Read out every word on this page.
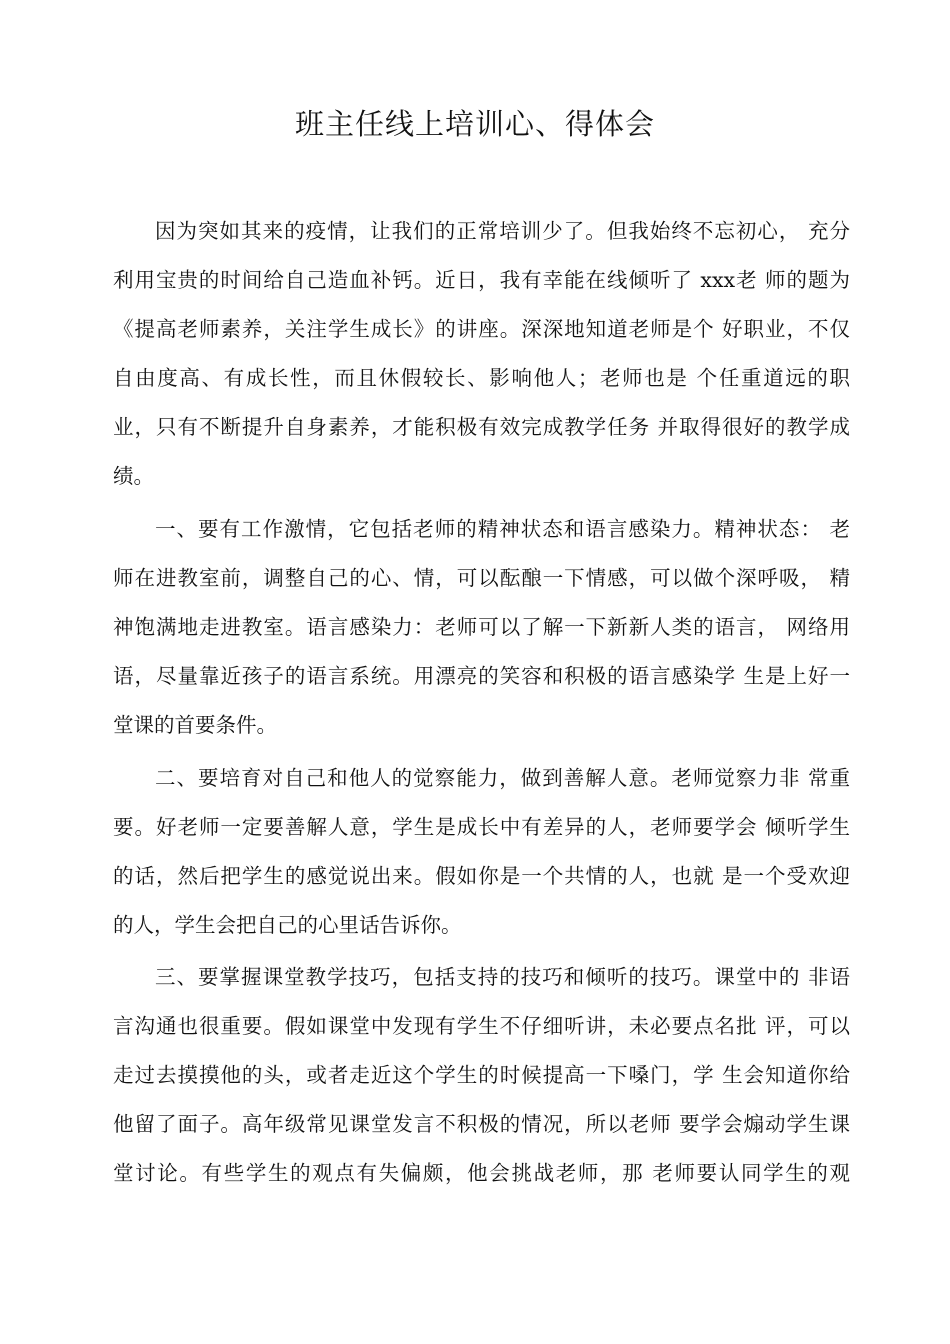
班主任线上培训心、得体会

因为突如其来的疫情，让我们的正常培训少了。但我始终不忘初心， 充分

利用宝贵的时间给自己造血补钙。近日，我有幸能在线倾听了 xxx老 师的题为

《提高老师素养，关注学生成长》的讲座。深深地知道老师是个 好职业，不仅

自由度高、有成长性，而且休假较长、影响他人；老师也是 个任重道远的职

业，只有不断提升自身素养，才能积极有效完成教学任务 并取得很好的教学成

绩。

一、要有工作激情，它包括老师的精神状态和语言感染力。精神状态： 老

师在进教室前，调整自己的心、情，可以酝酿一下情感，可以做个深呼吸， 精

神饱满地走进教室。语言感染力：老师可以了解一下新新人类的语言， 网络用

语，尽量靠近孩子的语言系统。用漂亮的笑容和积极的语言感染学 生是上好一

堂课的首要条件。

二、要培育对自己和他人的觉察能力，做到善解人意。老师觉察力非 常重

要。好老师一定要善解人意，学生是成长中有差异的人，老师要学会 倾听学生

的话，然后把学生的感觉说出来。假如你是一个共情的人，也就 是一个受欢迎

的人，学生会把自己的心里话告诉你。

三、要掌握课堂教学技巧，包括支持的技巧和倾听的技巧。课堂中的 非语

言沟通也很重要。假如课堂中发现有学生不仔细听讲，未必要点名批 评，可以

走过去摸摸他的头，或者走近这个学生的时候提高一下嗓门，学 生会知道你给

他留了面子。高年级常见课堂发言不积极的情况，所以老师 要学会煽动学生课

堂讨论。有些学生的观点有失偏颇，他会挑战老师，那 老师要认同学生的观
